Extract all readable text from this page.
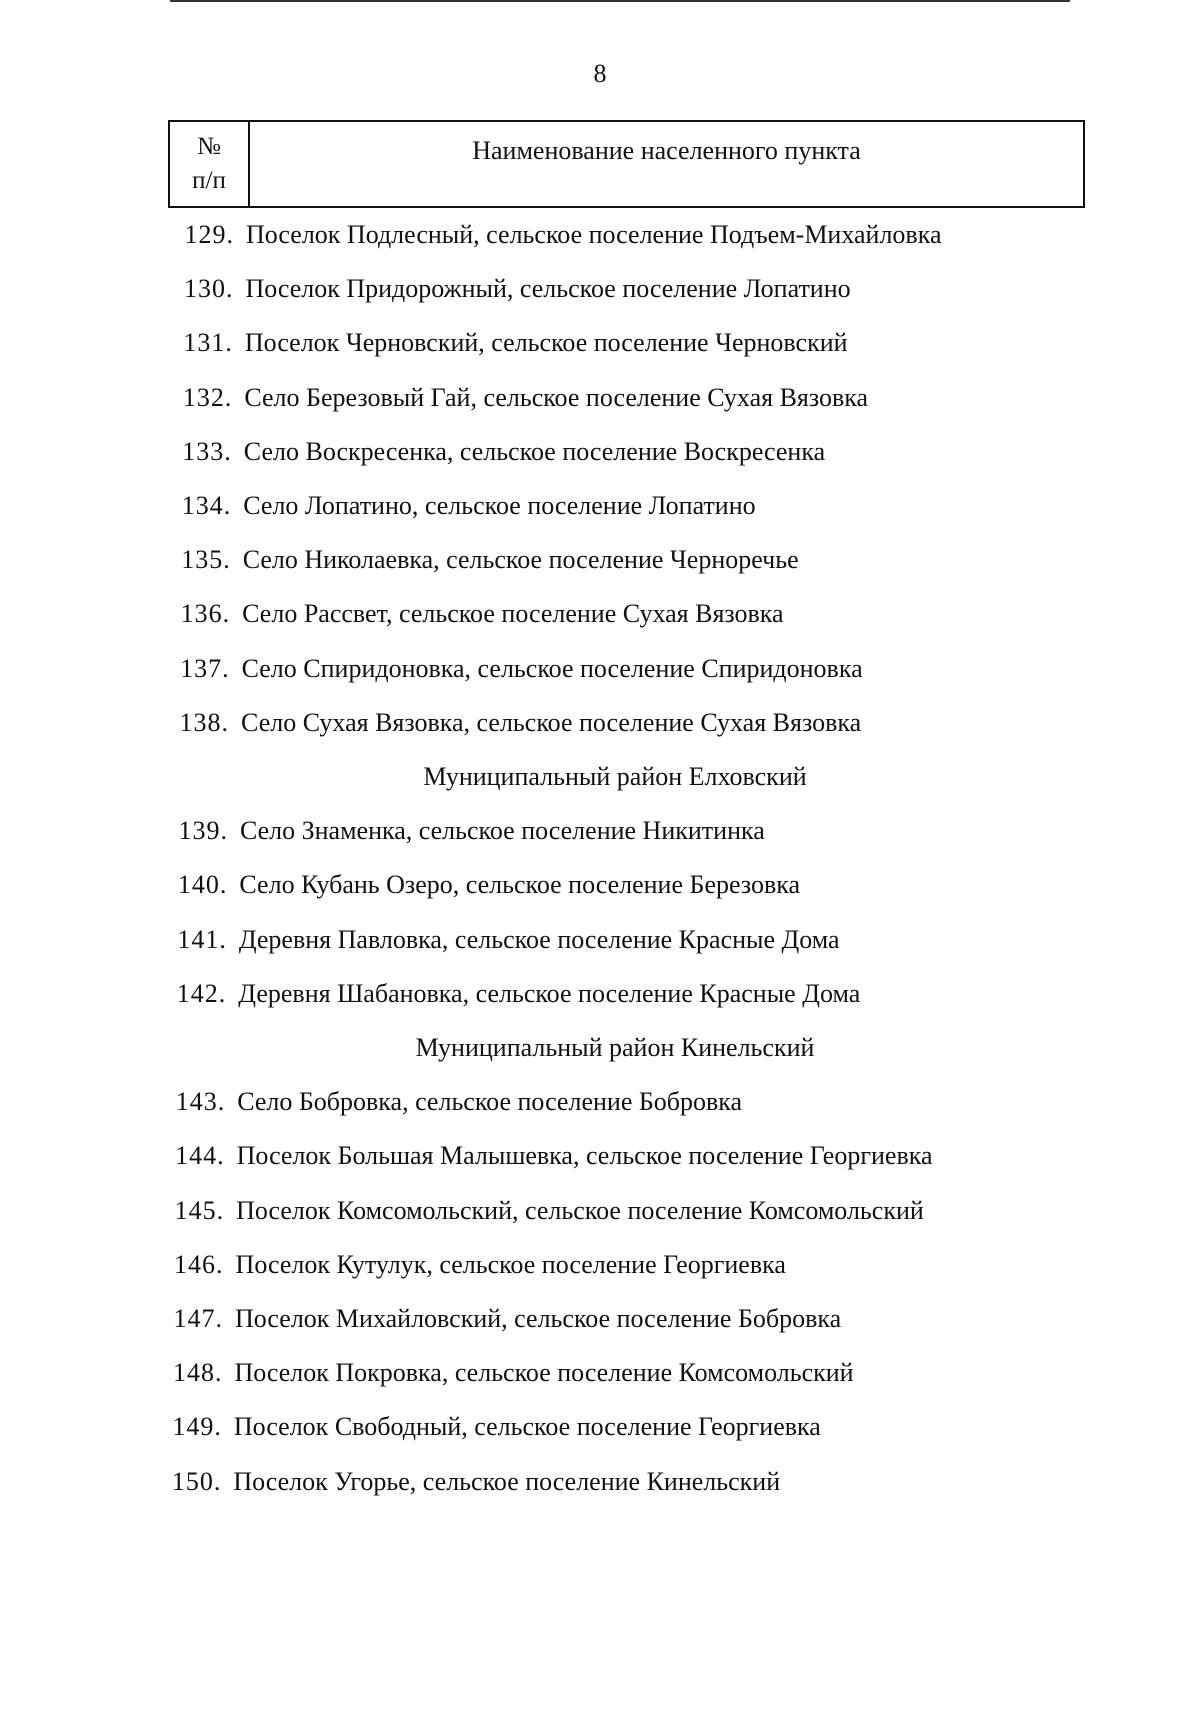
8
№
п/п
Наименование населенного пункта
129. Поселок Подлесный, сельское поселение Подъем-Михайловка
130. Поселок Придорожный, сельское поселение Лопатино
131. Поселок Черновский, сельское поселение Черновский
132. Село Березовый Гай, сельское поселение Сухая Вязовка
133. Село Воскресенка, сельское поселение Воскресенка
134. Село Лопатино, сельское поселение Лопатино
135. Село Николаевка, сельское поселение Черноречье
136. Село Рассвет, сельское поселение Сухая Вязовка
137. Село Спиридоновка, сельское поселение Спиридоновка
138. Село Сухая Вязовка, сельское поселение Сухая Вязовка
Муниципальный район Елховский
139. Село Знаменка, сельское поселение Никитинка
140. Село Кубань Озеро, сельское поселение Березовка
141. Деревня Павловка, сельское поселение Красные Дома
142. Деревня Шабановка, сельское поселение Красные Дома
Муниципальный район Кинельский
143. Село Бобровка, сельское поселение Бобровка
144. Поселок Большая Малышевка, сельское поселение Георгиевка
145. Поселок Комсомольский, сельское поселение Комсомольский
146. Поселок Кутулук, сельское поселение Георгиевка
147. Поселок Михайловский, сельское поселение Бобровка
148. Поселок Покровка, сельское поселение Комсомольский
149. Поселок Свободный, сельское поселение Георгиевка
150. Поселок Угорье, сельское поселение Кинельский
